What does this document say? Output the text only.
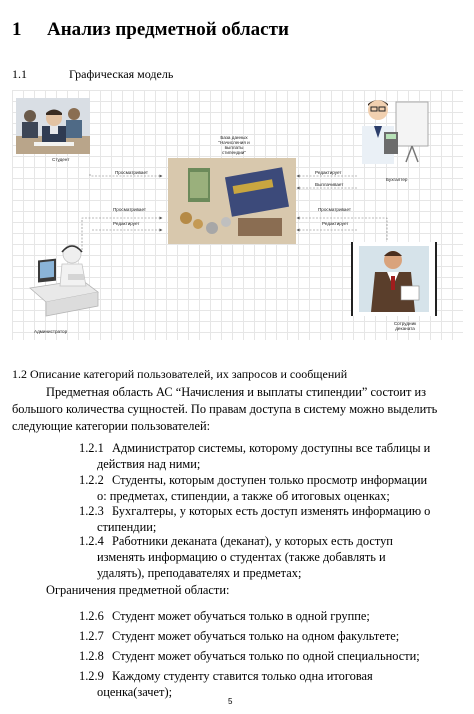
1 Анализ предметной области
1.1	Графическая модель
Студент
Просматривает
База данных "Начисления и выплаты стипендии"
Бухгалтер
Редактирует
Выплачивает
Просматривает
Редактирует
Администратор
Просматривает
Редактирует
Сотрудник деканата
1.2 Описание категорий пользователей, их запросов и сообщений
Предметная область АС “Начисления и выплаты стипендии” состоит из большого количества сущностей. По правам доступа в систему можно выделить следующие категории пользователей:
1.2.1 Администратор системы, которому доступны все таблицы и
действия над ними;
1.2.2 Студенты, которым доступен только просмотр информации
о: предметах, стипендии, а также об итоговых оценках;
1.2.3 Бухгалтеры, у которых есть доступ изменять информацию о
стипендии;
1.2.4 Работники деканата (деканат), у которых есть доступ
изменять информацию о студентах (также добавлять и
удалять), преподавателях и предметах;
Ограничения предметной области:
1.2.6 Студент может обучаться только в одной группе;
1.2.7 Студент может обучаться только на одном факультете;
1.2.8 Студент может обучаться только по одной специальности;
1.2.9 Каждому студенту ставится только одна итоговая
оценка(зачет);
5
